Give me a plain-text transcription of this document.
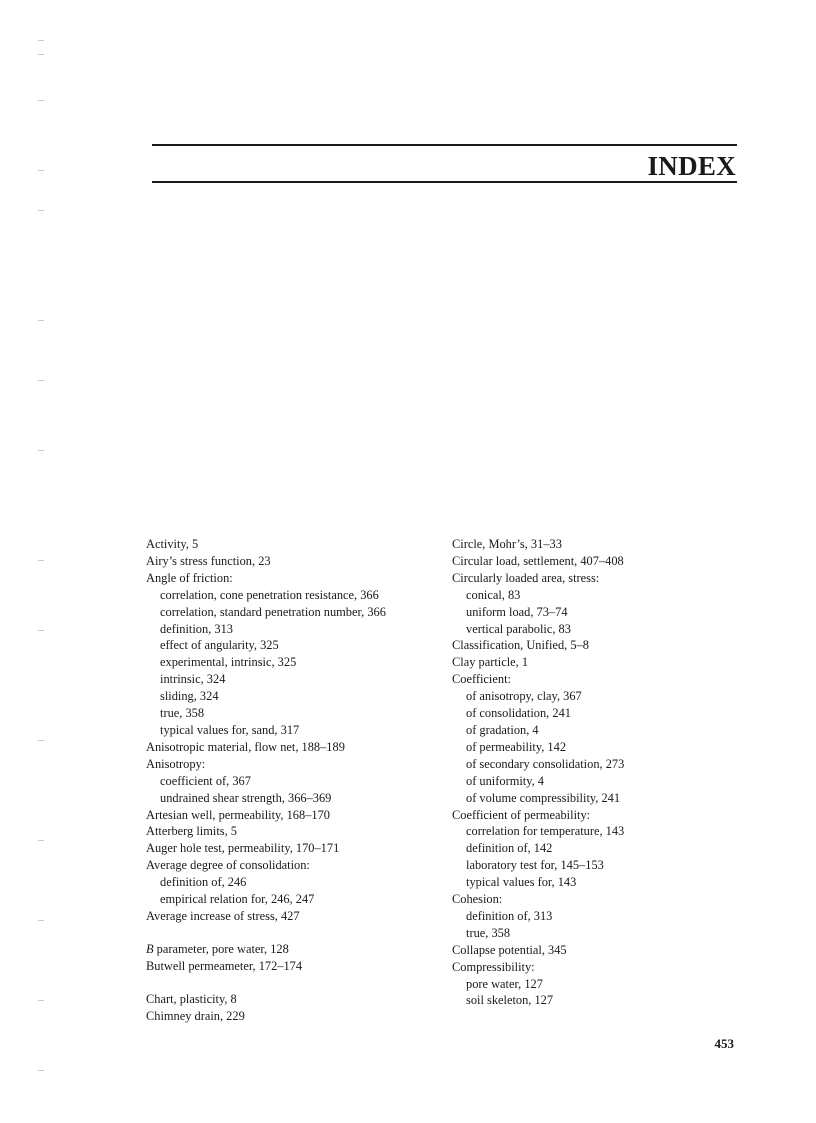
INDEX
Activity, 5
Airy’s stress function, 23
Angle of friction:
correlation, cone penetration resistance, 366
correlation, standard penetration number, 366
definition, 313
effect of angularity, 325
experimental, intrinsic, 325
intrinsic, 324
sliding, 324
true, 358
typical values for, sand, 317
Anisotropic material, flow net, 188–189
Anisotropy:
coefficient of, 367
undrained shear strength, 366–369
Artesian well, permeability, 168–170
Atterberg limits, 5
Auger hole test, permeability, 170–171
Average degree of consolidation:
definition of, 246
empirical relation for, 246, 247
Average increase of stress, 427
B parameter, pore water, 128
Butwell permeameter, 172–174
Chart, plasticity, 8
Chimney drain, 229
Circle, Mohr’s, 31–33
Circular load, settlement, 407–408
Circularly loaded area, stress:
conical, 83
uniform load, 73–74
vertical parabolic, 83
Classification, Unified, 5–8
Clay particle, 1
Coefficient:
of anisotropy, clay, 367
of consolidation, 241
of gradation, 4
of permeability, 142
of secondary consolidation, 273
of uniformity, 4
of volume compressibility, 241
Coefficient of permeability:
correlation for temperature, 143
definition of, 142
laboratory test for, 145–153
typical values for, 143
Cohesion:
definition of, 313
true, 358
Collapse potential, 345
Compressibility:
pore water, 127
soil skeleton, 127
453
